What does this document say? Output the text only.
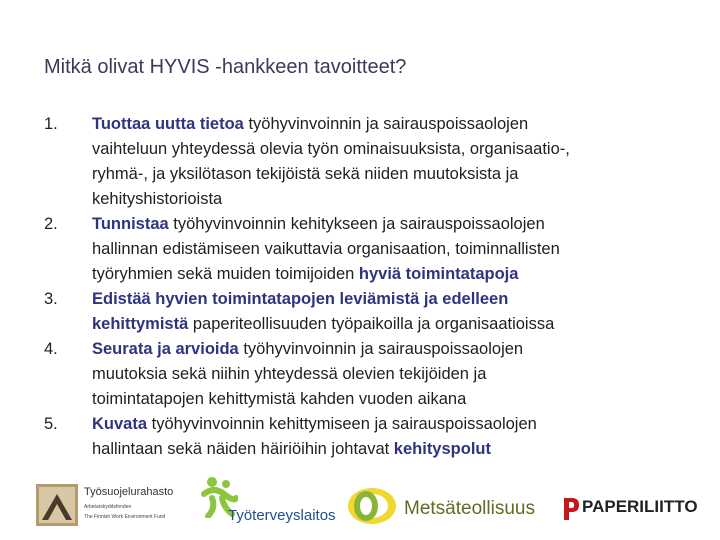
Mitkä olivat HYVIS -hankkeen tavoitteet?
1.	Tuottaa uutta tietoa työhyvinvoinnin ja sairauspoissaolojen
vaihteluun yhteydessä olevia työn ominaisuuksista, organisaatio-,
ryhmä-, ja yksilötason tekijöistä sekä niiden muutoksista ja
kehityshistorioista
2.	Tunnistaa työhyvinvoinnin kehitykseen ja sairauspoissaolojen
hallinnan edistämiseen vaikuttavia organisaation, toiminnallisten
työryhmien sekä muiden toimijoiden hyviä toimintatapoja
3.	Edistää hyvien toimintatapojen leviämistä ja edelleen
kehittymistä paperiteollisuuden työpaikoilla ja organisaatioissa
4.	Seurata ja arvioida työhyvinvoinnin ja sairauspoissaolojen
muutoksia sekä niihin yhteydessä olevien tekijöiden ja
toimintatapojen kehittymistä kahden vuoden aikana
5.	Kuvata työhyvinvoinnin kehittymiseen ja sairauspoissaolojen
hallintaan sekä näiden häiriöihin johtavat kehityspolut
Työsuojelurahasto
Arbetarskyddsfonden
The Finnish Work Environment Fund	Työterveyslaitos	Metsäteollisuus	PAPERILIITTO
